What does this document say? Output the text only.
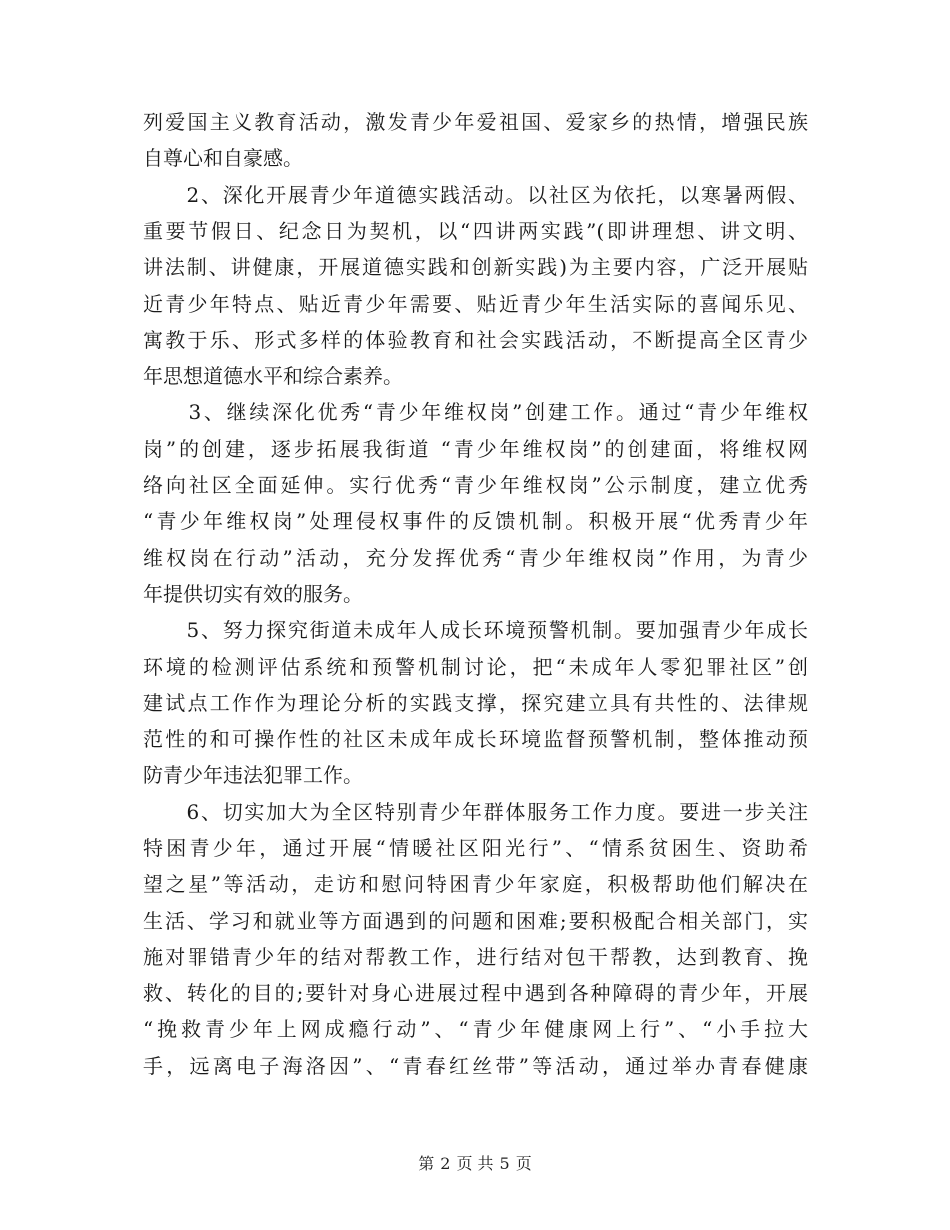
列爱国主义教育活动，激发青少年爱祖国、爱家乡的热情，增强民族
自尊心和自豪感。
　　2、深化开展青少年道德实践活动。以社区为依托，以寒暑两假、
重要节假日、纪念日为契机，以“四讲两实践”(即讲理想、讲文明、
讲法制、讲健康，开展道德实践和创新实践)为主要内容，广泛开展贴
近青少年特点、贴近青少年需要、贴近青少年生活实际的喜闻乐见、
寓教于乐、形式多样的体验教育和社会实践活动，不断提高全区青少
年思想道德水平和综合素养。
　　3、继续深化优秀“青少年维权岗”创建工作。通过“青少年维权
岗”的创建，逐步拓展我街道 “青少年维权岗”的创建面，将维权网
络向社区全面延伸。实行优秀“青少年维权岗”公示制度，建立优秀
“青少年维权岗”处理侵权事件的反馈机制。积极开展“优秀青少年
维权岗在行动”活动，充分发挥优秀“青少年维权岗”作用，为青少
年提供切实有效的服务。
　　5、努力探究街道未成年人成长环境预警机制。要加强青少年成长
环境的检测评估系统和预警机制讨论，把“未成年人零犯罪社区”创
建试点工作作为理论分析的实践支撑，探究建立具有共性的、法律规
范性的和可操作性的社区未成年成长环境监督预警机制，整体推动预
防青少年违法犯罪工作。
　　6、切实加大为全区特别青少年群体服务工作力度。要进一步关注
特困青少年，通过开展“情暖社区阳光行”、“情系贫困生、资助希
望之星”等活动，走访和慰问特困青少年家庭，积极帮助他们解决在
生活、学习和就业等方面遇到的问题和困难;要积极配合相关部门，实
施对罪错青少年的结对帮教工作，进行结对包干帮教，达到教育、挽
救、转化的目的;要针对身心进展过程中遇到各种障碍的青少年，开展
“挽救青少年上网成瘾行动”、“青少年健康网上行”、“小手拉大
手，远离电子海洛因”、“青春红丝带”等活动，通过举办青春健康
第 2 页 共 5 页
